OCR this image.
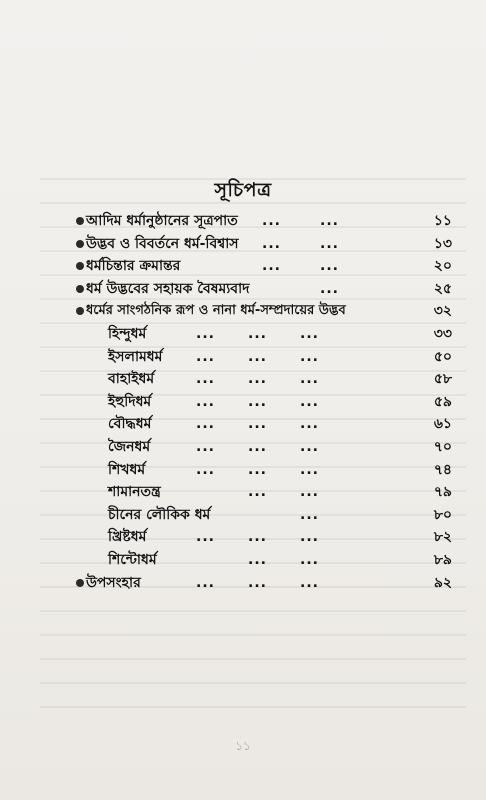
সূচিপত্র
আদিম ধর্মানুষ্ঠানের সূত্রপাত ...	...	১১
উদ্ভব ও বিবর্তনে ধর্ম-বিশ্বাস ...	...	১৩
ধর্মচিন্তার ক্রমান্তর	...	...	২০
ধর্ম উদ্ভবের সহায়ক বৈষম্যবাদ	...	২৫
ধর্মের সাংগঠনিক রূপ ও নানা ধর্ম-সম্প্রদায়ের উদ্ভব	৩২
হিন্দুধর্ম	... ... ...	৩৩
ইসলামধর্ম ... ... ...	৫০
বাহাইধর্ম	... ... ...	৫৮
ইহুদিধর্ম	... ... ...	৫৯
বৌদ্ধধর্ম	... ... ...	৬১
জৈনধর্ম	... ... ...	৭০
শিখধর্ম	... ... ...	৭৪
শামানতন্ত্র	... ...	৭৯
চীনের লৌকিক ধর্ম	...	৮০
খ্রিষ্টধর্ম	... ... ...	৮২
শিন্টোধর্ম	... ...	৮৯
উপসংহার	... ... ...	৯২
১১
